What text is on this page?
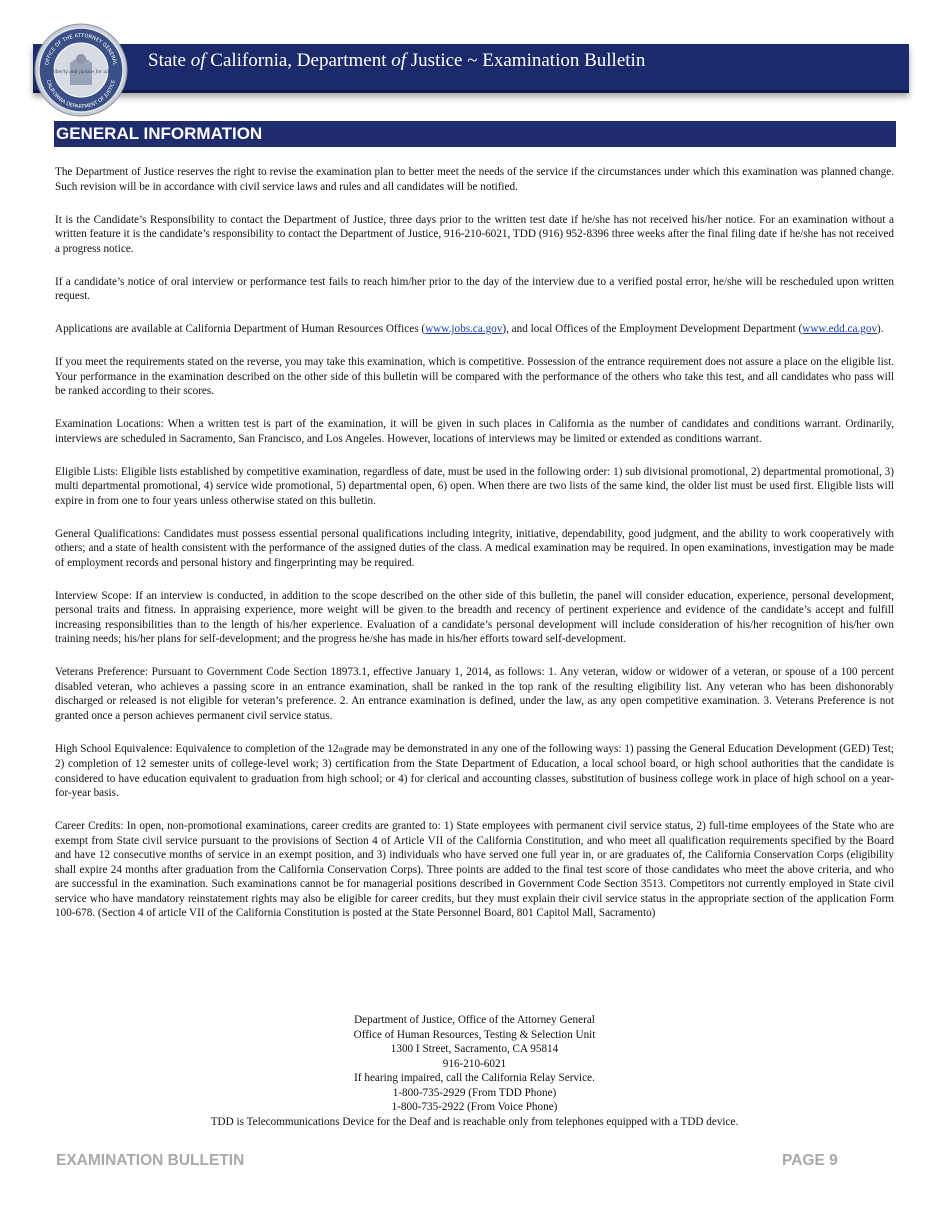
State of California, Department of Justice ~ Examination Bulletin
OFFICE OF THE ATTORNEY GENERAL
CALIFORNIA DEPARTMENT OF JUSTICE
liberty and justice for all
GENERAL INFORMATION

The Department of Justice reserves the right to revise the examination plan to better meet the needs of the service if the circumstances under which this examination was planned change. Such revision will be in accordance with civil service laws and rules and all candidates will be notified.

It is the Candidate’s Responsibility to contact the Department of Justice, three days prior to the written test date if he/she has not received his/her notice. For an examination without a written feature it is the candidate’s responsibility to contact the Department of Justice, 916-210-6021, TDD (916) 952-8396 three weeks after the final filing date if he/she has not received a progress notice.

If a candidate’s notice of oral interview or performance test fails to reach him/her prior to the day of the interview due to a verified postal error, he/she will be rescheduled upon written request.

Applications are available at California Department of Human Resources Offices (www.jobs.ca.gov), and local Offices of the Employment Development Department (www.edd.ca.gov).

If you meet the requirements stated on the reverse, you may take this examination, which is competitive. Possession of the entrance requirement does not assure a place on the eligible list. Your performance in the examination described on the other side of this bulletin will be compared with the performance of the others who take this test, and all candidates who pass will be ranked according to their scores.

Examination Locations: When a written test is part of the examination, it will be given in such places in California as the number of candidates and conditions warrant. Ordinarily, interviews are scheduled in Sacramento, San Francisco, and Los Angeles. However, locations of interviews may be limited or extended as conditions warrant.

Eligible Lists: Eligible lists established by competitive examination, regardless of date, must be used in the following order: 1) sub divisional promotional, 2) departmental promotional, 3) multi departmental promotional, 4) service wide promotional, 5) departmental open, 6) open. When there are two lists of the same kind, the older list must be used first. Eligible lists will expire in from one to four years unless otherwise stated on this bulletin.

General Qualifications: Candidates must possess essential personal qualifications including integrity, initiative, dependability, good judgment, and the ability to work cooperatively with others; and a state of health consistent with the performance of the assigned duties of the class. A medical examination may be required. In open examinations, investigation may be made of employment records and personal history and fingerprinting may be required.

Interview Scope: If an interview is conducted, in addition to the scope described on the other side of this bulletin, the panel will consider education, experience, personal development, personal traits and fitness. In appraising experience, more weight will be given to the breadth and recency of pertinent experience and evidence of the candidate’s accept and fulfill increasing responsibilities than to the length of his/her experience. Evaluation of a candidate’s personal development will include consideration of his/her recognition of his/her own training needs; his/her plans for self-development; and the progress he/she has made in his/her efforts toward self-development.

Veterans Preference: Pursuant to Government Code Section 18973.1, effective January 1, 2014, as follows: 1. Any veteran, widow or widower of a veteran, or spouse of a 100 percent disabled veteran, who achieves a passing score in an entrance examination, shall be ranked in the top rank of the resulting eligibility list. Any veteran who has been dishonorably discharged or released is not eligible for veteran’s preference. 2. An entrance examination is defined, under the law, as any open competitive examination. 3. Veterans Preference is not granted once a person achieves permanent civil service status.

High School Equivalence: Equivalence to completion of the 12thgrade may be demonstrated in any one of the following ways: 1) passing the General Education Development (GED) Test; 2) completion of 12 semester units of college-level work; 3) certification from the State Department of Education, a local school board, or high school authorities that the candidate is considered to have education equivalent to graduation from high school; or 4) for clerical and accounting classes, substitution of business college work in place of high school on a year-for-year basis.

Career Credits: In open, non-promotional examinations, career credits are granted to: 1) State employees with permanent civil service status, 2) full-time employees of the State who are exempt from State civil service pursuant to the provisions of Section 4 of Article VII of the California Constitution, and who meet all qualification requirements specified by the Board and have 12 consecutive months of service in an exempt position, and 3) individuals who have served one full year in, or are graduates of, the California Conservation Corps (eligibility shall expire 24 months after graduation from the California Conservation Corps). Three points are added to the final test score of those candidates who meet the above criteria, and who are successful in the examination. Such examinations cannot be for managerial positions described in Government Code Section 3513. Competitors not currently employed in State civil service who have mandatory reinstatement rights may also be eligible for career credits, but they must explain their civil service status in the appropriate section of the application Form 100-678. (Section 4 of article VII of the California Constitution is posted at the State Personnel Board, 801 Capitol Mall, Sacramento)

Department of Justice, Office of the Attorney General
Office of Human Resources, Testing & Selection Unit
1300 I Street, Sacramento, CA 95814
916-210-6021
If hearing impaired, call the California Relay Service.
1-800-735-2929 (From TDD Phone)
1-800-735-2922 (From Voice Phone)
TDD is Telecommunications Device for the Deaf and is reachable only from telephones equipped with a TDD device.
EXAMINATION BULLETIN	PAGE 9
